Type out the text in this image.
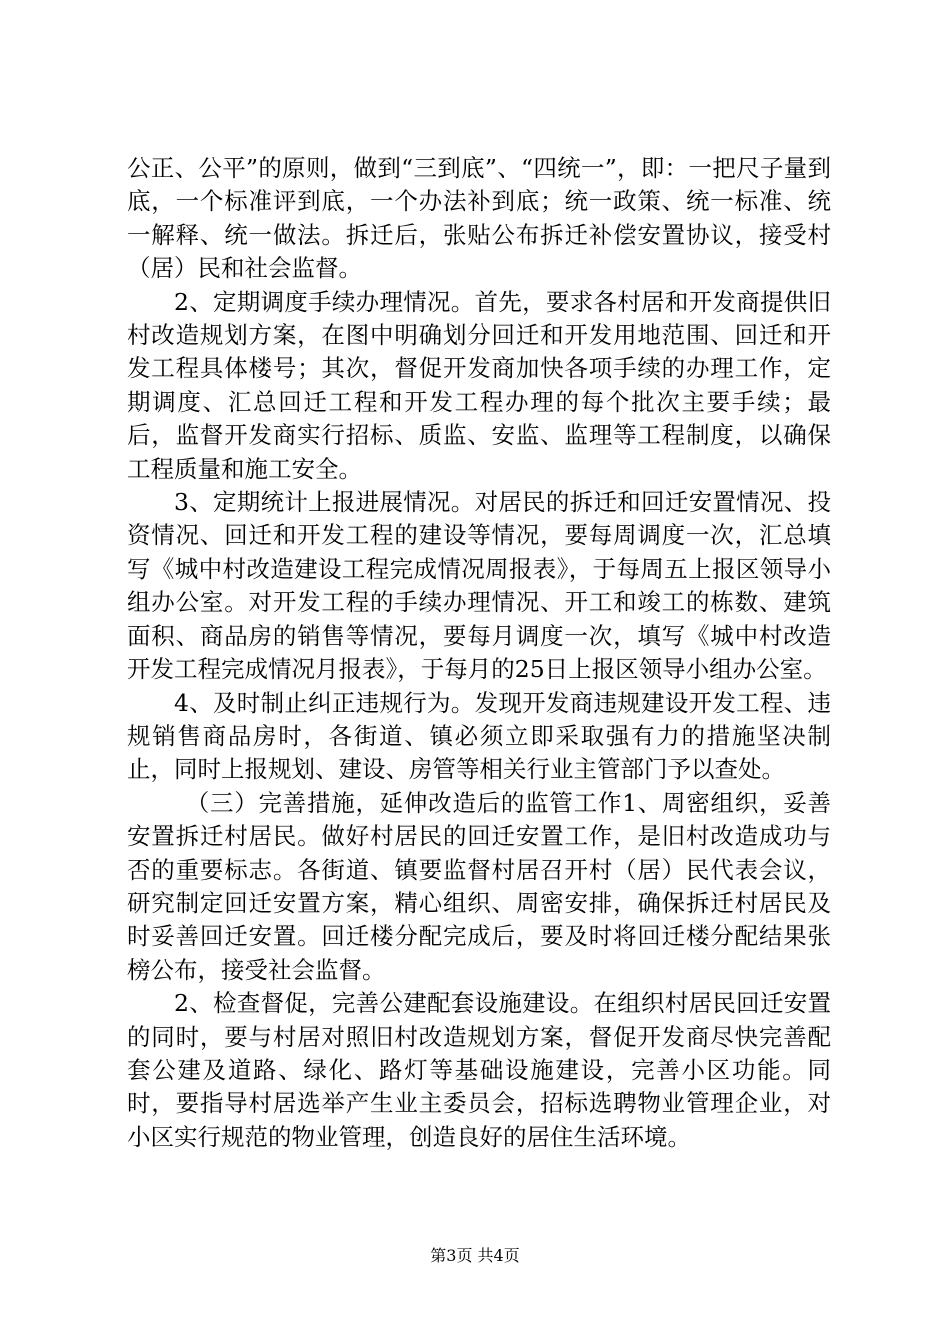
公正、公平”的原则，做到“三到底”、“四统一”，即：一把尺子量到底，一个标准评到底，一个办法补到底；统一政策、统一标准、统一解释、统一做法。拆迁后，张贴公布拆迁补偿安置协议，接受村（居）民和社会监督。

2、定期调度手续办理情况。首先，要求各村居和开发商提供旧村改造规划方案，在图中明确划分回迁和开发用地范围、回迁和开发工程具体楼号；其次，督促开发商加快各项手续的办理工作，定期调度、汇总回迁工程和开发工程办理的每个批次主要手续；最后，监督开发商实行招标、质监、安监、监理等工程制度，以确保工程质量和施工安全。

3、定期统计上报进展情况。对居民的拆迁和回迁安置情况、投资情况、回迁和开发工程的建设等情况，要每周调度一次，汇总填写《城中村改造建设工程完成情况周报表》，于每周五上报区领导小组办公室。对开发工程的手续办理情况、开工和竣工的栋数、建筑面积、商品房的销售等情况，要每月调度一次，填写《城中村改造开发工程完成情况月报表》，于每月的25日上报区领导小组办公室。

4、及时制止纠正违规行为。发现开发商违规建设开发工程、违规销售商品房时，各街道、镇必须立即采取强有力的措施坚决制止，同时上报规划、建设、房管等相关行业主管部门予以查处。

（三）完善措施，延伸改造后的监管工作1、周密组织，妥善安置拆迁村居民。做好村居民的回迁安置工作，是旧村改造成功与否的重要标志。各街道、镇要监督村居召开村（居）民代表会议，研究制定回迁安置方案，精心组织、周密安排，确保拆迁村居民及时妥善回迁安置。回迁楼分配完成后，要及时将回迁楼分配结果张榜公布，接受社会监督。

2、检查督促，完善公建配套设施建设。在组织村居民回迁安置的同时，要与村居对照旧村改造规划方案，督促开发商尽快完善配套公建及道路、绿化、路灯等基础设施建设，完善小区功能。同时，要指导村居选举产生业主委员会，招标选聘物业管理企业，对小区实行规范的物业管理，创造良好的居住生活环境。

第3页 共4页
